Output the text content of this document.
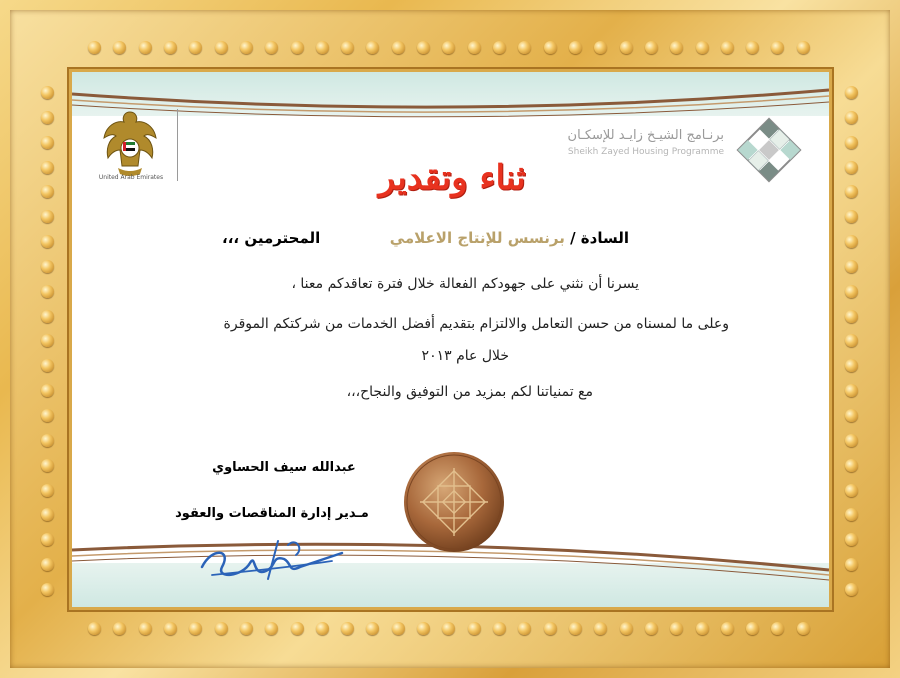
United Arab Emirates
برنـامج الشيـخ زايـد للإسكـان
Sheikh Zayed Housing Programme
ثناء وتقدير
السادة / برنسس للإنتاج الاعلامي
المحترمين ،،،
يسرنا أن نثني على جهودكم الفعالة خلال فترة تعاقدكم معنا ،
وعلى ما لمسناه من حسن التعامل والالتزام بتقديم أفضل الخدمات من شركتكم الموقرة
خلال عام ٢٠١٣
مع تمنياتنا لكم بمزيد من التوفيق والنجاح،،،
عبدالله سيف الحساوي
مـدير إدارة المناقصات والعقود
